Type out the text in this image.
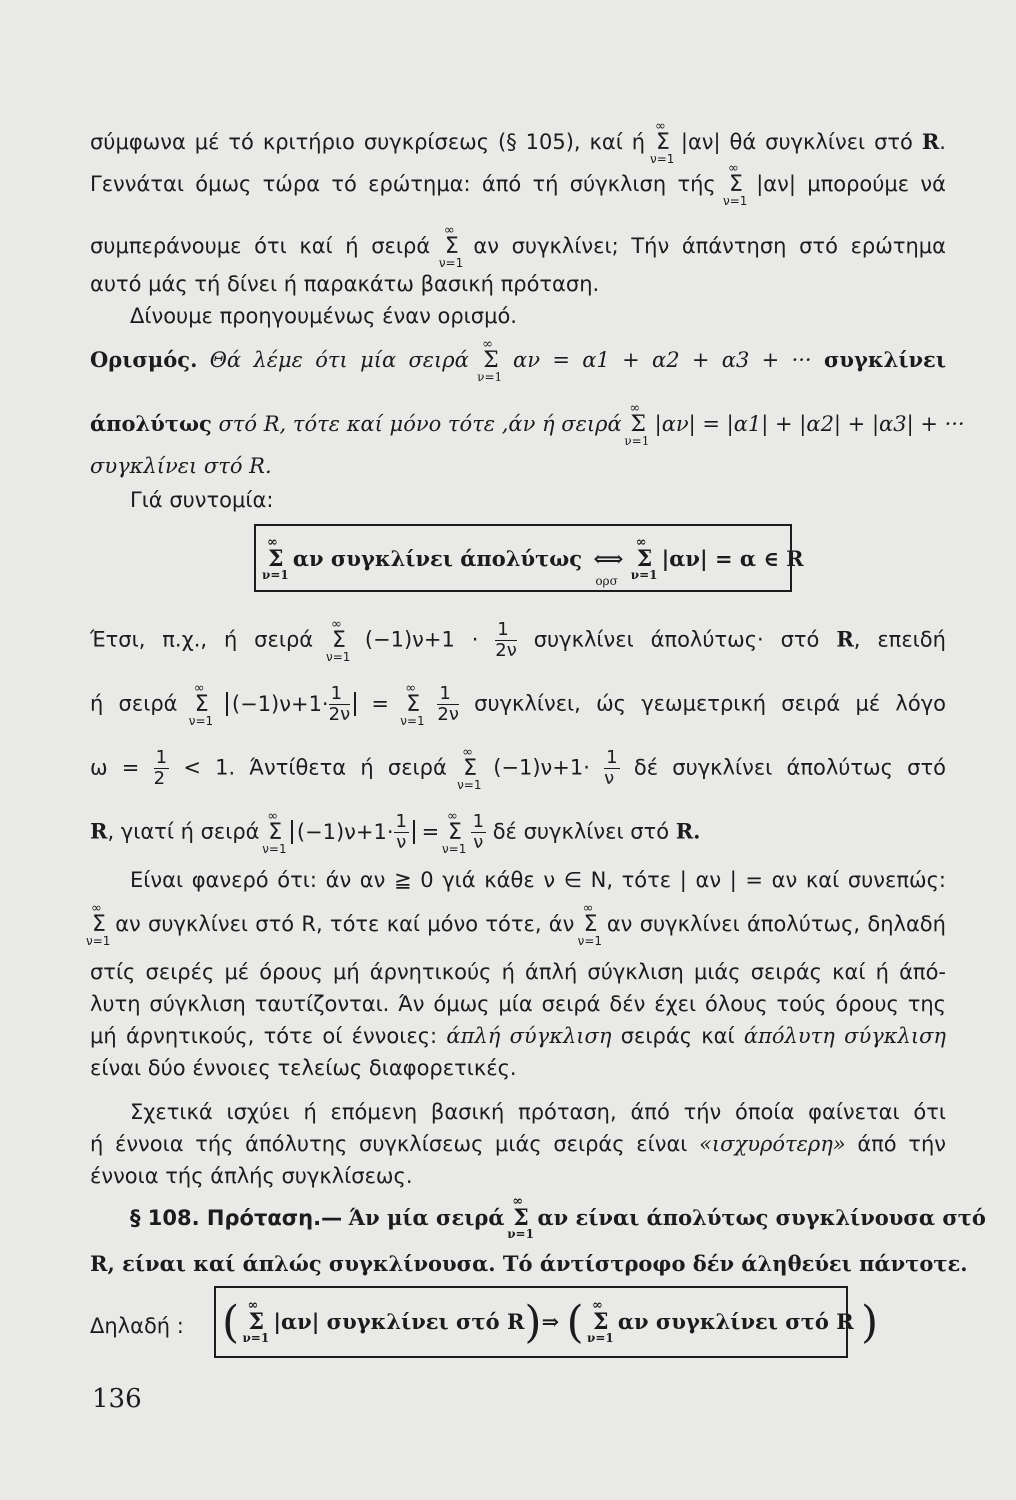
σύμφωνα μέ τό κριτήριο συγκρίσεως (§ 105), καί ή
∞
Σ
ν=1
|αν| θά συγκλίνει στό R.
Γεννάται όμως τώρα τό ερώτημα: άπό τή σύγκλιση τής
∞
Σ
ν=1
|αν| μπορούμε νά
συμπεράνουμε ότι καί ή σειρά
∞
Σ
ν=1
αν συγκλίνει; Τήν άπάντηση στό ερώτημα
αυτό μάς τή δίνει ή παρακάτω βασική πρόταση.
Δίνουμε προηγουμένως έναν ορισμό.
Ορισμός. Θά λέμε ότι μία σειρά
∞
Σ
ν=1
αν = α1 + α2 + α3 + ··· συγκλίνει
άπολύτως στό R, τότε καί μόνο τότε ,άν ή σειρά
∞
Σ
ν=1
|αν| = |α1| + |α2| + |α3| + ···
συγκλίνει στό R.
Γιά συντομία:
∞
Σ
ν=1
αν συγκλίνει άπολύτως ⟺
ορσ

∞
Σ
ν=1
|αν| = α ∈ R
Έτσι, π.χ., ή σειρά
∞
Σ
ν=1
$(-1)\nu+1 \cdot \frac{1}{2\nu}$ συγκλίνει άπολύτως· στό R, επειδή
ή σειρά
∞
Σ
ν=1
$(-1)\nu+1\cdot \frac{1}{2\nu}$ =
∞
Σ
ν=1
$\frac{1}{2\nu} \sigma\upsilon\gamma\kappa\lambda ί\nu\varepsilon\iota$, ώς γεωμετρική σειρά μέ λόγο
$\omega = \frac{1}{2} < 1$. Άντίθετα ή σειρά
∞
Σ
ν=1
$(-1)\nu+1\cdot \frac{1}{\nu}$ δέ συγκλίνει άπολύτως στό
R, γιατί ή σειρά
∞
Σ
ν=1
$(-1)\nu+1\cdot \frac{1}{\nu}$ =
∞
Σ
ν=1
$\frac{1}{\nu}$ δέ συγκλίνει στό R.
Είναι φανερό ότι: άν αν ≧ 0 γιά κάθε ν ∈ N, τότε | αν | = αν καί συνεπώς:
∞
Σ
ν=1
αν συγκλίνει στό R, τότε καί μόνο τότε, άν
∞
Σ
ν=1
αν συγκλίνει άπολύτως, δηλαδή
στίς σειρές μέ όρους μή άρνητικούς ή άπλή σύγκλιση μιάς σειράς καί ή άπό-
λυτη σύγκλιση ταυτίζονται. Άν όμως μία σειρά δέν έχει όλους τούς όρους της
μή άρνητικούς, τότε οί έννοιες: άπλή σύγκλιση σειράς καί άπόλυτη σύγκλιση
είναι δύο έννοιες τελείως διαφορετικές.
Σχετικά ισχύει ή επόμενη βασική πρόταση, άπό τήν όποία φαίνεται ότι
ή έννοια τής άπόλυτης συγκλίσεως μιάς σειράς είναι «ισχυρότερη» άπό τήν
έννοια τής άπλής συγκλίσεως.
§ 108. Πρόταση.— Άν μία σειρά
∞
Σ
ν=1
αν είναι άπολύτως συγκλίνουσα στό
R, είναι καί άπλώς συγκλίνουσα. Τό άντίστροφο δέν άληθεύει πάντοτε.
Δηλαδή : ( ∞
Σ
ν=1
|αν| συγκλίνει στό R)⇒ ( ∞
Σ
ν=1
αν συγκλίνει στό R )
136
